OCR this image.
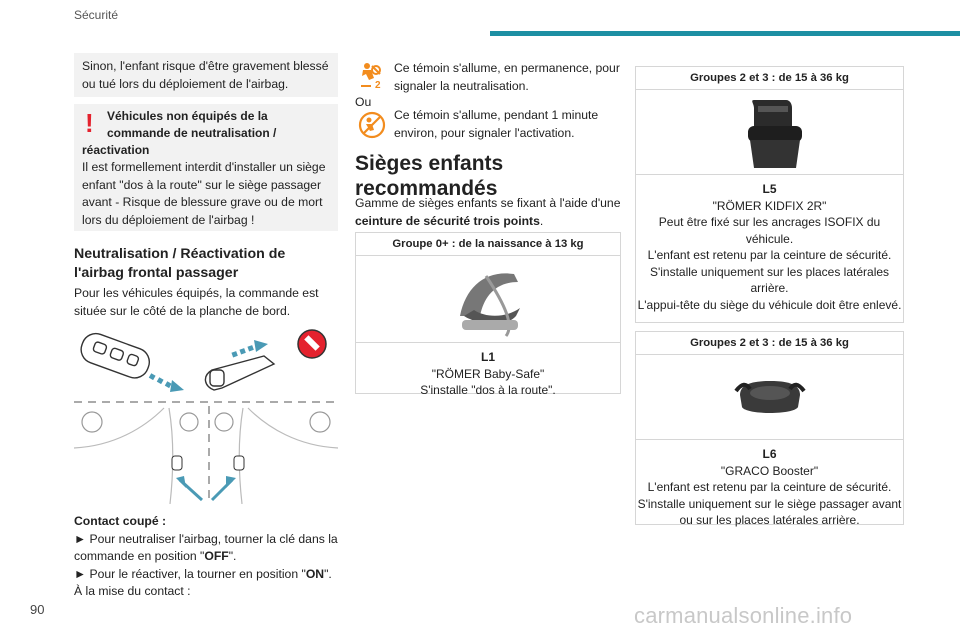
Sécurité

Sinon, l'enfant risque d'être gravement blessé ou tué lors du déploiement de l'airbag.

! Véhicules non équipés de la
commande de neutralisation /
réactivation

Il est formellement interdit d'installer un siège enfant "dos à la route" sur le siège passager avant - Risque de blessure grave ou de mort lors du déploiement de l'airbag !

Neutralisation / Réactivation de l'airbag frontal passager

Pour les véhicules équipés, la commande est située sur le côté de la planche de bord.

Contact coupé :
► Pour neutraliser l'airbag, tourner la clé dans la commande en position "OFF".
► Pour le réactiver, la tourner en position "ON".
À la mise du contact :
2

Ce témoin s'allume, en permanence, pour signaler la neutralisation.

Ou

Ce témoin s'allume, pendant 1 minute environ, pour signaler l'activation.

Sièges enfants
recommandés

Gamme de sièges enfants se fixant à l'aide d'une ceinture de sécurité trois points.

Groupe 0+ : de la naissance à 13 kg
L1
"RÖMER Baby-Safe"
S'installe "dos à la route".
Groupes 2 et 3 : de 15 à 36 kg
L5
"RÖMER KIDFIX 2R"
Peut être fixé sur les ancrages ISOFIX du véhicule.
L'enfant est retenu par la ceinture de sécurité.
S'installe uniquement sur les places latérales arrière.
L'appui-tête du siège du véhicule doit être enlevé.
Groupes 2 et 3 : de 15 à 36 kg
L6
"GRACO Booster"
L'enfant est retenu par la ceinture de sécurité.
S'installe uniquement sur le siège passager avant ou sur les places latérales arrière.
90	carmanualsonline.info
